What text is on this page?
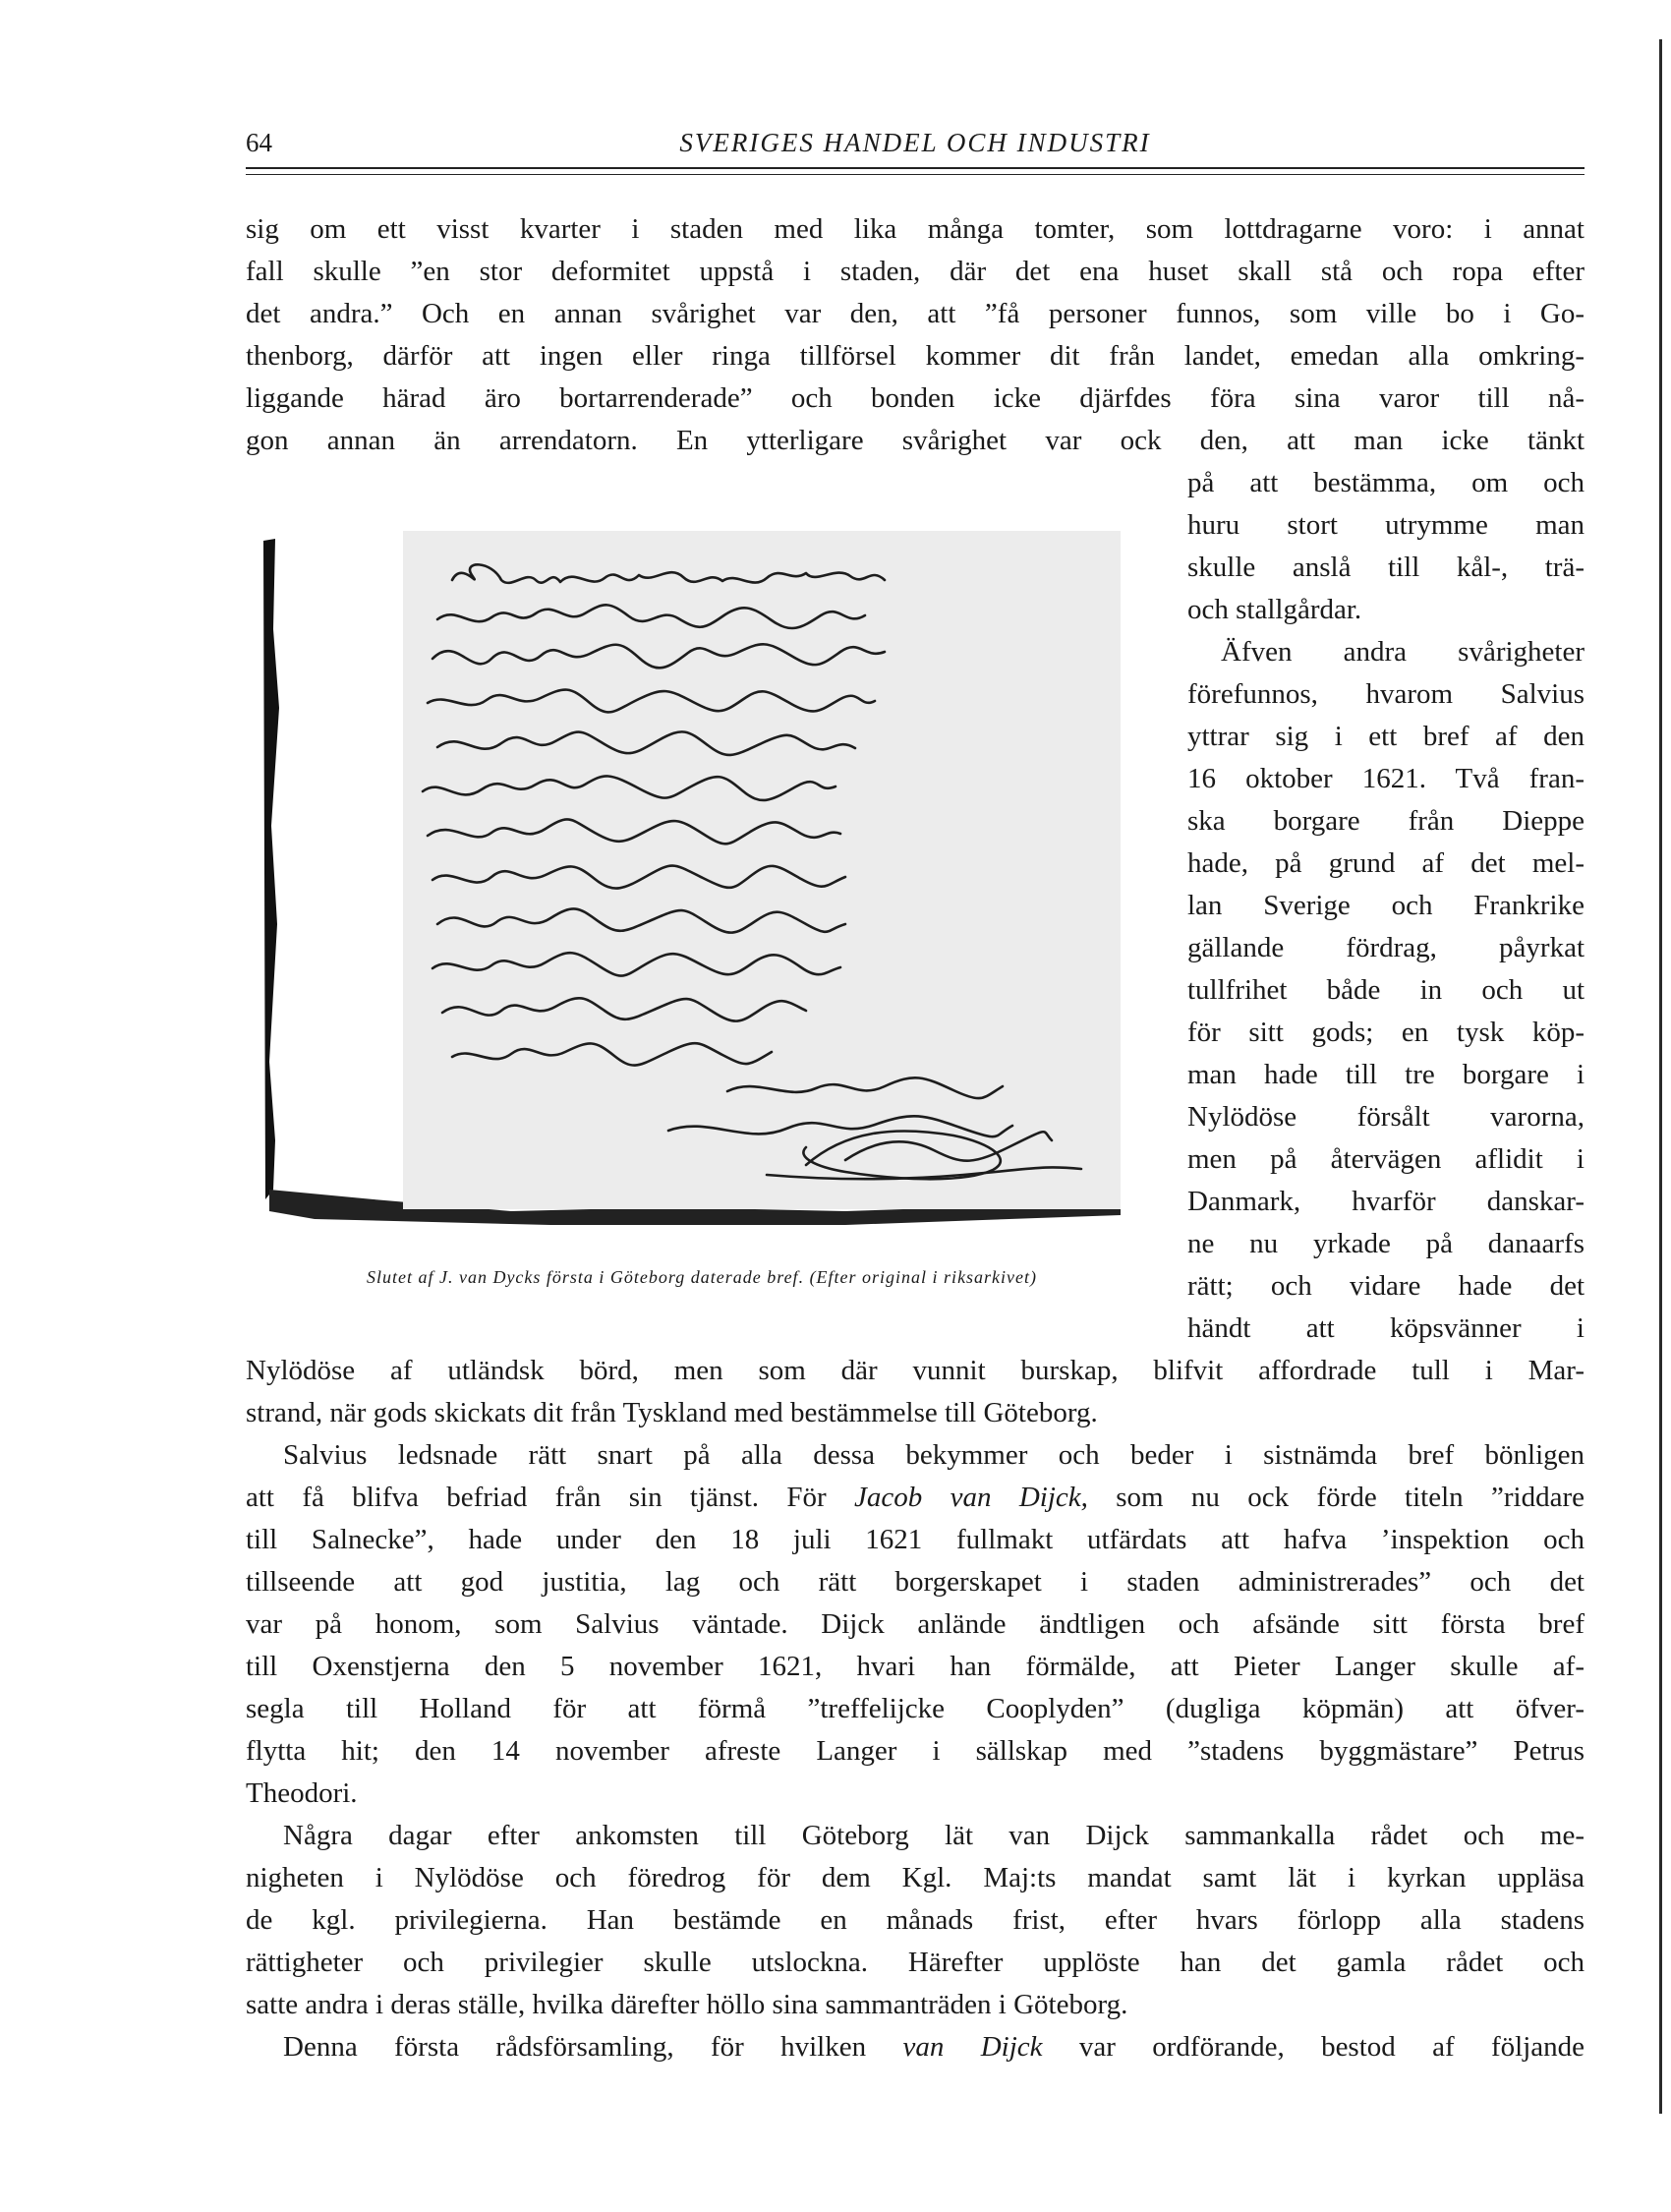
64	SVERIGES HANDEL OCH INDUSTRI
sig om ett visst kvarter i staden med lika många tomter, som lottdragarne voro: i annat
fall skulle ”en stor deformitet uppstå i staden, där det ena huset skall stå och ropa efter
det andra.” Och en annan svårighet var den, att ”få personer funnos, som ville bo i Go-
thenborg, därför att ingen eller ringa tillförsel kommer dit från landet, emedan alla omkring-
liggande härad äro bortarrenderade” och bonden icke djärfdes föra sina varor till nå-
gon annan än arrendatorn. En ytterligare svårighet var ock den, att man icke tänkt
på att bestämma, om och
huru stort utrymme man
skulle anslå till kål-, trä-
och stallgårdar.
Äfven andra svårigheter
förefunnos, hvarom Salvius
yttrar sig i ett bref af den
16 oktober 1621. Två fran-
ska borgare från Dieppe
hade, på grund af det mel-
lan Sverige och Frankrike
gällande fördrag, påyrkat
tullfrihet både in och ut
för sitt gods; en tysk köp-
man hade till tre borgare i
Nylödöse försålt varorna,
men på återvägen aflidit i
Danmark, hvarför danskar-
ne nu yrkade på danaarfs
rätt; och vidare hade det
händt att köpsvänner i
Nylödöse af utländsk börd, men som där vunnit burskap, blifvit affordrade tull i Mar-
strand, när gods skickats dit från Tyskland med bestämmelse till Göteborg.
Slutet af J. van Dycks första i Göteborg daterade bref. (Efter original i riksarkivet)
Salvius ledsnade rätt snart på alla dessa bekymmer och beder i sistnämda bref bönligen
att få blifva befriad från sin tjänst. För Jacob van Dijck, som nu ock förde titeln ”riddare
till Salnecke”, hade under den 18 juli 1621 fullmakt utfärdats att hafva ’inspektion och
tillseende att god justitia, lag och rätt borgerskapet i staden administrerades” och det
var på honom, som Salvius väntade. Dijck anlände ändtligen och afsände sitt första bref
till Oxenstjerna den 5 november 1621, hvari han förmälde, att Pieter Langer skulle af-
segla till Holland för att förmå ”treffelijcke Cooplyden” (dugliga köpmän) att öfver-
flytta hit; den 14 november afreste Langer i sällskap med ”stadens byggmästare” Petrus
Theodori.
Några dagar efter ankomsten till Göteborg lät van Dijck sammankalla rådet och me-
nigheten i Nylödöse och föredrog för dem Kgl. Maj:ts mandat samt lät i kyrkan uppläsa
de kgl. privilegierna. Han bestämde en månads frist, efter hvars förlopp alla stadens
rättigheter och privilegier skulle utslockna. Härefter upplöste han det gamla rådet och
satte andra i deras ställe, hvilka därefter höllo sina sammanträden i Göteborg.
Denna första rådsförsamling, för hvilken van Dijck var ordförande, bestod af följande
